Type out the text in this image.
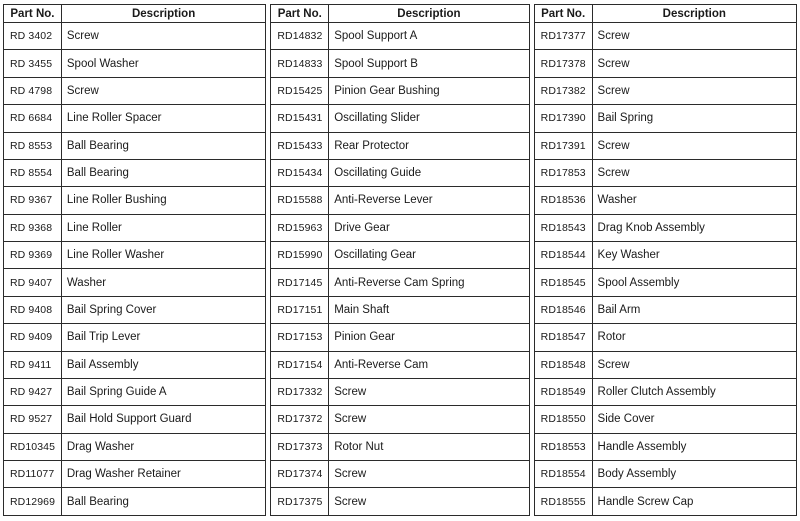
Part No.	Description
RD 3402	Screw
RD 3455	Spool Washer
RD 4798	Screw
RD 6684	Line Roller Spacer
RD 8553	Ball Bearing
RD 8554	Ball Bearing
RD 9367	Line Roller Bushing
RD 9368	Line Roller
RD 9369	Line Roller Washer
RD 9407	Washer
RD 9408	Bail Spring Cover
RD 9409	Bail Trip Lever
RD 9411	Bail Assembly
RD 9427	Bail Spring Guide A
RD 9527	Bail Hold Support Guard
RD10345	Drag Washer
RD11077	Drag Washer Retainer
RD12969	Ball Bearing
Part No.	Description
RD14832	Spool Support A
RD14833	Spool Support B
RD15425	Pinion Gear Bushing
RD15431	Oscillating Slider
RD15433	Rear Protector
RD15434	Oscillating Guide
RD15588	Anti-Reverse Lever
RD15963	Drive Gear
RD15990	Oscillating Gear
RD17145	Anti-Reverse Cam Spring
RD17151	Main Shaft
RD17153	Pinion Gear
RD17154	Anti-Reverse Cam
RD17332	Screw
RD17372	Screw
RD17373	Rotor Nut
RD17374	Screw
RD17375	Screw
Part No.	Description
RD17377	Screw
RD17378	Screw
RD17382	Screw
RD17390	Bail Spring
RD17391	Screw
RD17853	Screw
RD18536	Washer
RD18543	Drag Knob Assembly
RD18544	Key Washer
RD18545	Spool Assembly
RD18546	Bail Arm
RD18547	Rotor
RD18548	Screw
RD18549	Roller Clutch Assembly
RD18550	Side Cover
RD18553	Handle Assembly
RD18554	Body Assembly
RD18555	Handle Screw Cap
